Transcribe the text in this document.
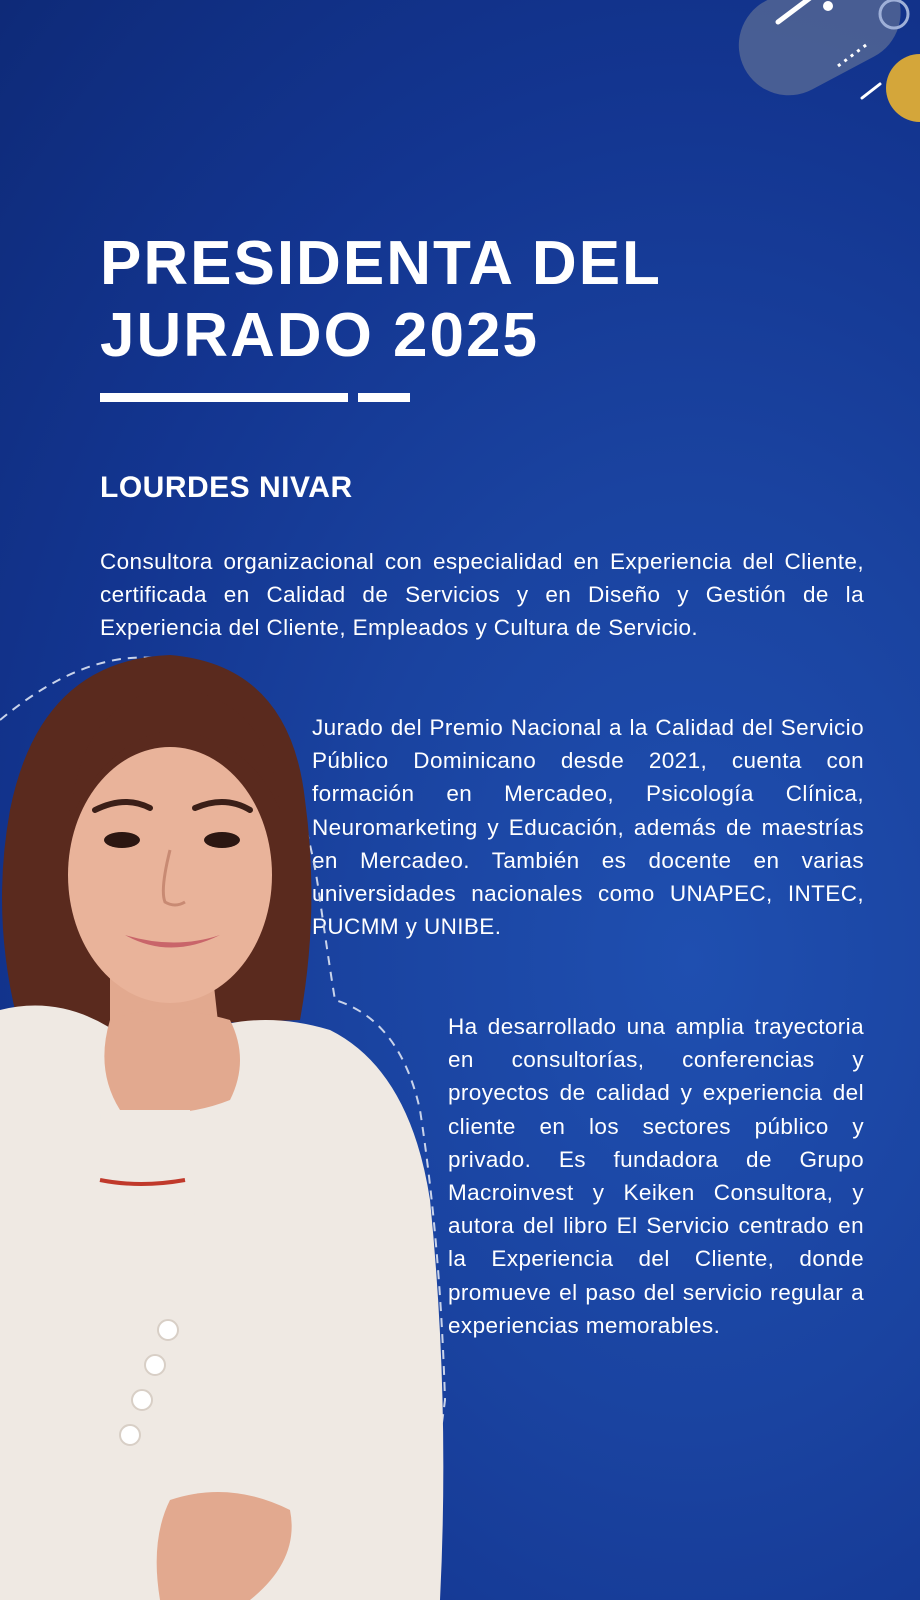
PRESIDENTA DEL
JURADO 2025
LOURDES NIVAR

Consultora organizacional con especialidad en Experiencia del Cliente, certificada en Calidad de Servicios y en Diseño y Gestión de la Experiencia del Cliente, Empleados y Cultura de Servicio.

Jurado del Premio Nacional a la Calidad del Servicio Público Dominicano desde 2021, cuenta con formación en Mercadeo, Psicología Clínica, Neuromarketing y Educación, además de maestrías en Mercadeo. También es docente en varias universidades nacionales como UNAPEC, INTEC, PUCMM y UNIBE.

Ha desarrollado una amplia trayectoria en consultorías, conferencias y proyectos de calidad y experiencia del cliente en los sectores público y privado. Es fundadora de Grupo Macroinvest y Keiken Consultora, y autora del libro El Servicio centrado en la Experiencia del Cliente, donde promueve el paso del servicio regular a experiencias memorables.
